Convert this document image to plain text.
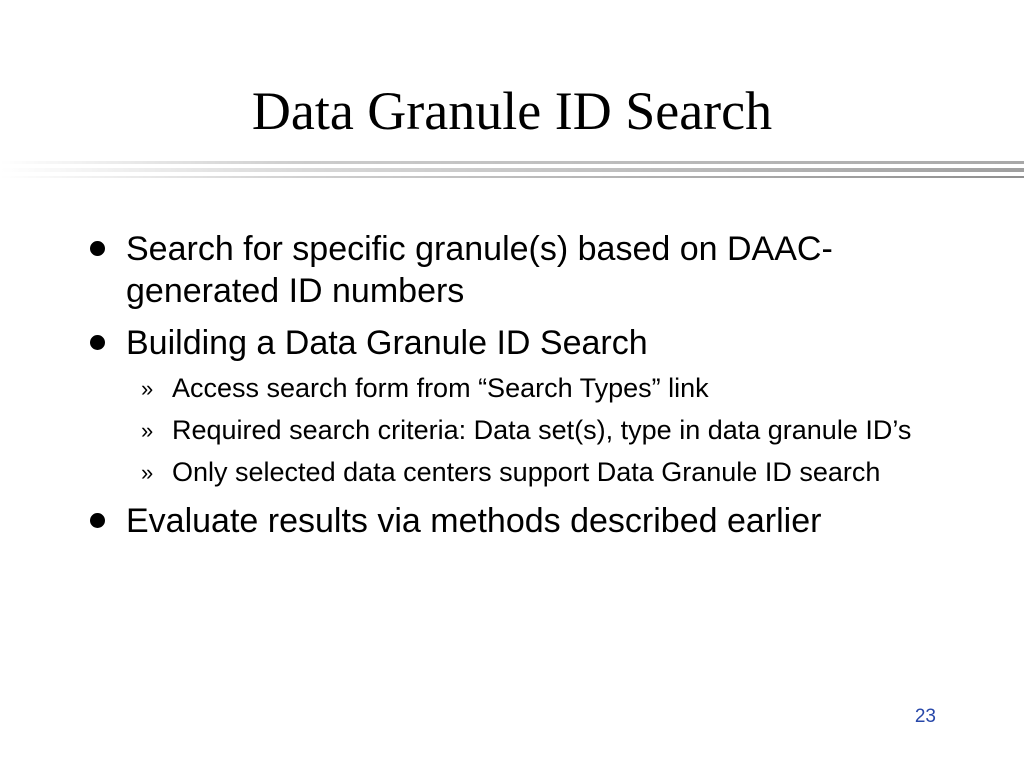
Data Granule ID Search
Search for specific granule(s) based on DAAC-generated ID numbers
Building a Data Granule ID Search
» Access search form from “Search Types” link
» Required search criteria: Data set(s), type in data granule ID’s
» Only selected data centers support Data Granule ID search
Evaluate results via methods described earlier
23
